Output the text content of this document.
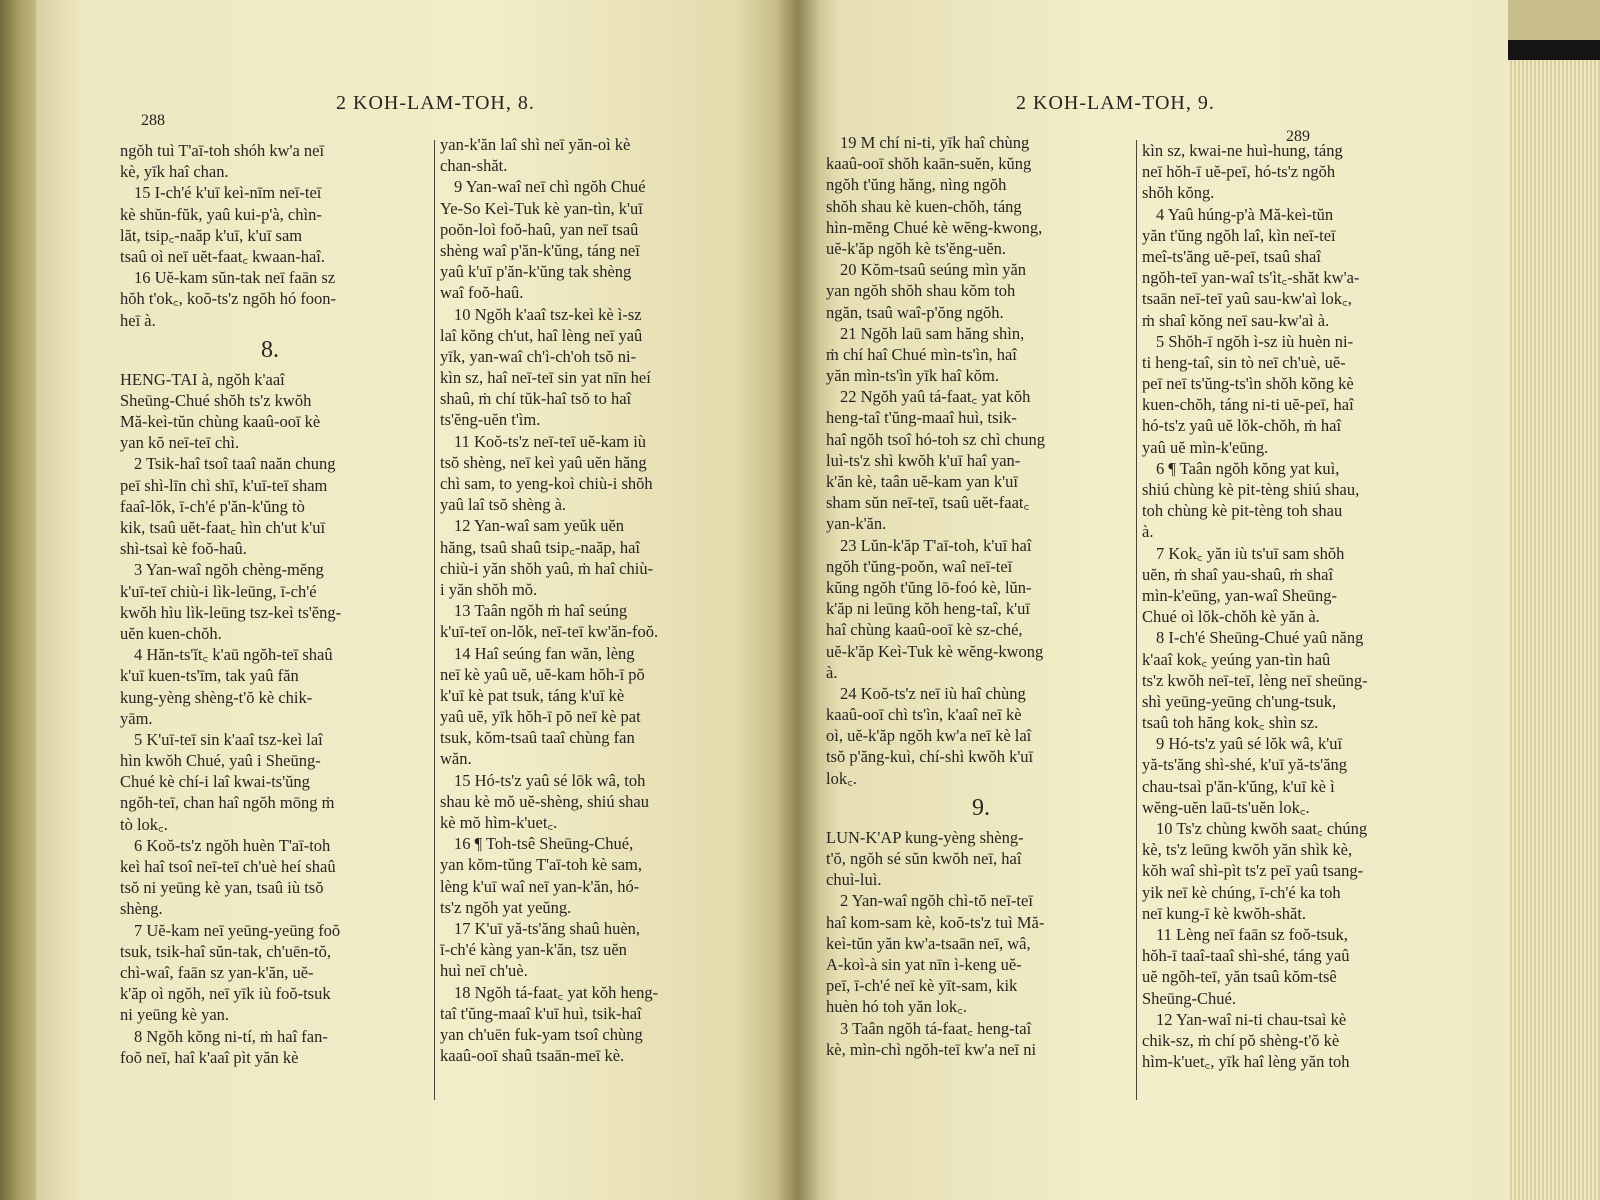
288
2 KOH-LAM-TOH, 8.
ngŏh tuì T'aī-toh shóh kw'a neī
kè, yīk haî chan.
15 I-ch'é k'uī keì-nīm neī-teī
kè shŭn-fŭk, yaû kui-p'à, chìn-
lăt, tsip꜀-naăp k'uī, k'uī sam
tsaû oì neī uĕt-faat꜀ kwaan-haî.
16 Uĕ-kam sŭn-tak neī faān sz
hŏh t'ok꜀, koŏ-ts'z ngŏh hó foon-
heī à.
8.
HENG-TAI à, ngŏh k'aaî
Sheūng-Chué shŏh ts'z kwŏh
Mă-keì-tŭn chùng kaaû-ooī kè
yan kŏ neī-teī chì.
2 Tsik-haî tsoî taaî naăn chung
peī shì-līn chì shī, k'uī-teī sham
faaî-lŏk, ī-ch'é p'ăn-k'ŭng tò
kik, tsaû uĕt-faat꜀ hìn ch'ut k'uī
shì-tsaì kè foŏ-haû.
3 Yan-waî ngŏh chèng-mĕng
k'uī-teī chiù-i lìk-leūng, ī-ch'é
kwŏh hìu lìk-leūng tsz-keì ts'ĕng-
uĕn kuen-chŏh.
4 Hăn-ts'ĭt꜀ k'aū ngŏh-teī shaû
k'uī kuen-ts'īm, tak yaû făn
kung-yèng shèng-t'ŏ kè chik-
yām.
5 K'uī-teī sin k'aaî tsz-keì laî
hìn kwŏh Chué, yaû i Sheūng-
Chué kè chí-i laî kwai-ts'ŭng
ngŏh-teī, chan haî ngŏh mōng ṁ
tò lok꜀.
6 Koŏ-ts'z ngŏh huèn T'aī-toh
keì haî tsoî neī-teī ch'uè heí shaû
tsŏ ni yeūng kè yan, tsaû iù tsŏ
shèng.
7 Uĕ-kam neī yeūng-yeūng foŏ
tsuk, tsik-haî sŭn-tak, ch'uēn-tŏ,
chì-waî, faān sz yan-k'ăn, uĕ-
k'ăp oì ngŏh, neī yīk iù foŏ-tsuk
ni yeūng kè yan.
8 Ngŏh kŏng ni-tí, ṁ haî fan-
foŏ neī, haî k'aaî pìt yăn kè
yan-k'ăn laî shì neī yăn-oì kè
chan-shăt.
9 Yan-waî neī chì ngŏh Chué
Ye-So Keì-Tuk kè yan-tìn, k'uī
poŏn-loì foŏ-haû, yan neī tsaû
shèng waî p'ăn-k'ŭng, táng neī
yaû k'uī p'ăn-k'ŭng tak shèng
waî foŏ-haû.
10 Ngŏh k'aaî tsz-keì kè ì-sz
laî kŏng ch'ut, haî lèng neī yaû
yīk, yan-waî ch'ì-ch'oh tsŏ ni-
kìn sz, haî neī-teī sin yat nīn heí
shaû, ṁ chí tŭk-haî tsŏ to haî
ts'ĕng-uĕn t'ìm.
11 Koŏ-ts'z neī-teī uĕ-kam iù
tsŏ shèng, neī keì yaû uĕn hăng
chì sam, to yeng-koì chiù-i shŏh
yaû laî tsŏ shèng à.
12 Yan-waî sam yeŭk uĕn
hăng, tsaû shaû tsip꜀-naăp, haî
chiù-i yăn shŏh yaû, ṁ haî chiù-
i yăn shŏh mŏ.
13 Taân ngŏh ṁ haî seúng
k'uī-teī on-lŏk, neī-teī kw'ăn-foŏ.
14 Haî seúng fan wăn, lèng
neī kè yaû uĕ, uĕ-kam hŏh-ī pŏ
k'uī kè pat tsuk, táng k'uī kè
yaû uĕ, yīk hŏh-ī pŏ neī kè pat
tsuk, kŏm-tsaû taaî chùng fan
wăn.
15 Hó-ts'z yaû sé lōk wâ, toh
shau kè mŏ uĕ-shèng, shiú shau
kè mŏ hìm-k'uet꜀.
16 ¶ Toh-tsê Sheūng-Chué,
yan kŏm-tŭng T'aī-toh kè sam,
lèng k'uī waî neī yan-k'ăn, hó-
ts'z ngŏh yat yeŭng.
17 K'uī yă-ts'ăng shaû huèn,
ī-ch'é kàng yan-k'ăn, tsz uĕn
huì neī ch'uè.
18 Ngŏh tá-faat꜀ yat kŏh heng-
taî t'ŭng-maaî k'uī huì, tsik-haî
yan ch'uēn fuk-yam tsoî chùng
kaaû-ooī shaû tsaān-meī kè.
2 KOH-LAM-TOH, 9.
289
19 M chí ni-ti, yīk haî chùng
kaaû-ooī shŏh kaān-suĕn, kŭng
ngŏh t'ŭng hăng, nìng ngŏh
shŏh shau kè kuen-chŏh, táng
hìn-mĕng Chué kè wĕng-kwong,
uĕ-k'ăp ngŏh kè ts'ĕng-uĕn.
20 Kŏm-tsaû seúng mìn yăn
yan ngŏh shŏh shau kŏm toh
ngăn, tsaû waî-p'ŏng ngŏh.
21 Ngŏh laū sam hăng shìn,
ṁ chí haî Chué mìn-ts'ìn, haî
yăn mìn-ts'ìn yīk haî kŏm.
22 Ngŏh yaû tá-faat꜀ yat kŏh
heng-taî t'ŭng-maaî huì, tsik-
haî ngŏh tsoî hó-toh sz chì chung
luì-ts'z shì kwŏh k'uī haî yan-
k'ăn kè, taân uĕ-kam yan k'uī
sham sŭn neī-teī, tsaû uĕt-faat꜀
yan-k'ăn.
23 Lŭn-k'ăp T'aī-toh, k'uī haî
ngŏh t'ŭng-poŏn, waî neī-teī
kŭng ngŏh t'ŭng lō-foó kè, lŭn-
k'ăp ni leūng kŏh heng-taî, k'uī
haî chùng kaaû-ooī kè sz-ché,
uĕ-k'ăp Keì-Tuk kè wĕng-kwong
à.
24 Koŏ-ts'z neī iù haî chùng
kaaû-ooī chì ts'ìn, k'aaî neī kè
oì, uĕ-k'ăp ngŏh kw'a neī kè laî
tsŏ p'ăng-kuì, chí-shì kwŏh k'uī
lok꜀.
9.
LUN-K'AP kung-yèng shèng-
t'ŏ, ngŏh sé sŭn kwŏh neī, haî
chuì-luì.
2 Yan-waî ngŏh chì-tŏ neī-teī
haî kom-sam kè, koŏ-ts'z tuì Mă-
keì-tŭn yăn kw'a-tsaān neī, wâ,
A-koì-à sin yat nīn ì-keng uĕ-
peī, ī-ch'é neī kè yīt-sam, kik
huèn hó toh yăn lok꜀.
3 Taân ngŏh tá-faat꜀ heng-taî
kè, mìn-chì ngŏh-teī kw'a neī ni
kìn sz, kwai-ne huì-hung, táng
neī hŏh-ī uĕ-peī, hó-ts'z ngŏh
shŏh kŏng.
4 Yaû húng-p'à Mă-keì-tŭn
yăn t'ŭng ngŏh laî, kìn neī-teī
meî-ts'ăng uĕ-peī, tsaû shaî
ngŏh-teī yan-waî ts'ìt꜀-shăt kw'a-
tsaān neī-teī yaû sau-kw'aì lok꜀,
ṁ shaî kŏng neī sau-kw'aì à.
5 Shŏh-ī ngŏh ì-sz iù huèn ni-
ti heng-taî, sin tò neī ch'uè, uĕ-
peī neī ts'ŭng-ts'ìn shŏh kŏng kè
kuen-chŏh, táng ni-ti uĕ-peī, haî
hó-ts'z yaû uĕ lŏk-chŏh, ṁ haî
yaû uĕ mìn-k'eūng.
6 ¶ Taân ngŏh kŏng yat kuì,
shiú chùng kè pit-tèng shiú shau,
toh chùng kè pit-tèng toh shau
à.
7 Kok꜀ yăn iù ts'uī sam shŏh
uĕn, ṁ shaî yau-shaû, ṁ shaî
mìn-k'eūng, yan-waî Sheūng-
Chué oì lŏk-chŏh kè yăn à.
8 I-ch'é Sheūng-Chué yaû năng
k'aaî kok꜀ yeúng yan-tìn haû
ts'z kwŏh neī-teī, lèng neī sheūng-
shì yeūng-yeūng ch'ung-tsuk,
tsaû toh hăng kok꜀ shìn sz.
9 Hó-ts'z yaû sé lŏk wâ, k'uī
yă-ts'ăng shì-shé, k'uī yă-ts'ăng
chau-tsaì p'ăn-k'ŭng, k'uī kè ì
wĕng-uĕn laū-ts'uĕn lok꜀.
10 Ts'z chùng kwŏh saat꜀ chúng
kè, ts'z leūng kwŏh yăn shìk kè,
kŏh waî shì-pìt ts'z peī yaû tsang-
yik neī kè chúng, ī-ch'é ka toh
neī kung-ī kè kwŏh-shăt.
11 Lèng neī faān sz foŏ-tsuk,
hŏh-ī taaî-taaî shì-shé, táng yaû
uĕ ngŏh-teī, yăn tsaû kŏm-tsê
Sheūng-Chué.
12 Yan-waî ni-ti chau-tsaì kè
chik-sz, ṁ chí pŏ shèng-t'ŏ kè
hìm-k'uet꜀, yīk haî lèng yăn toh
